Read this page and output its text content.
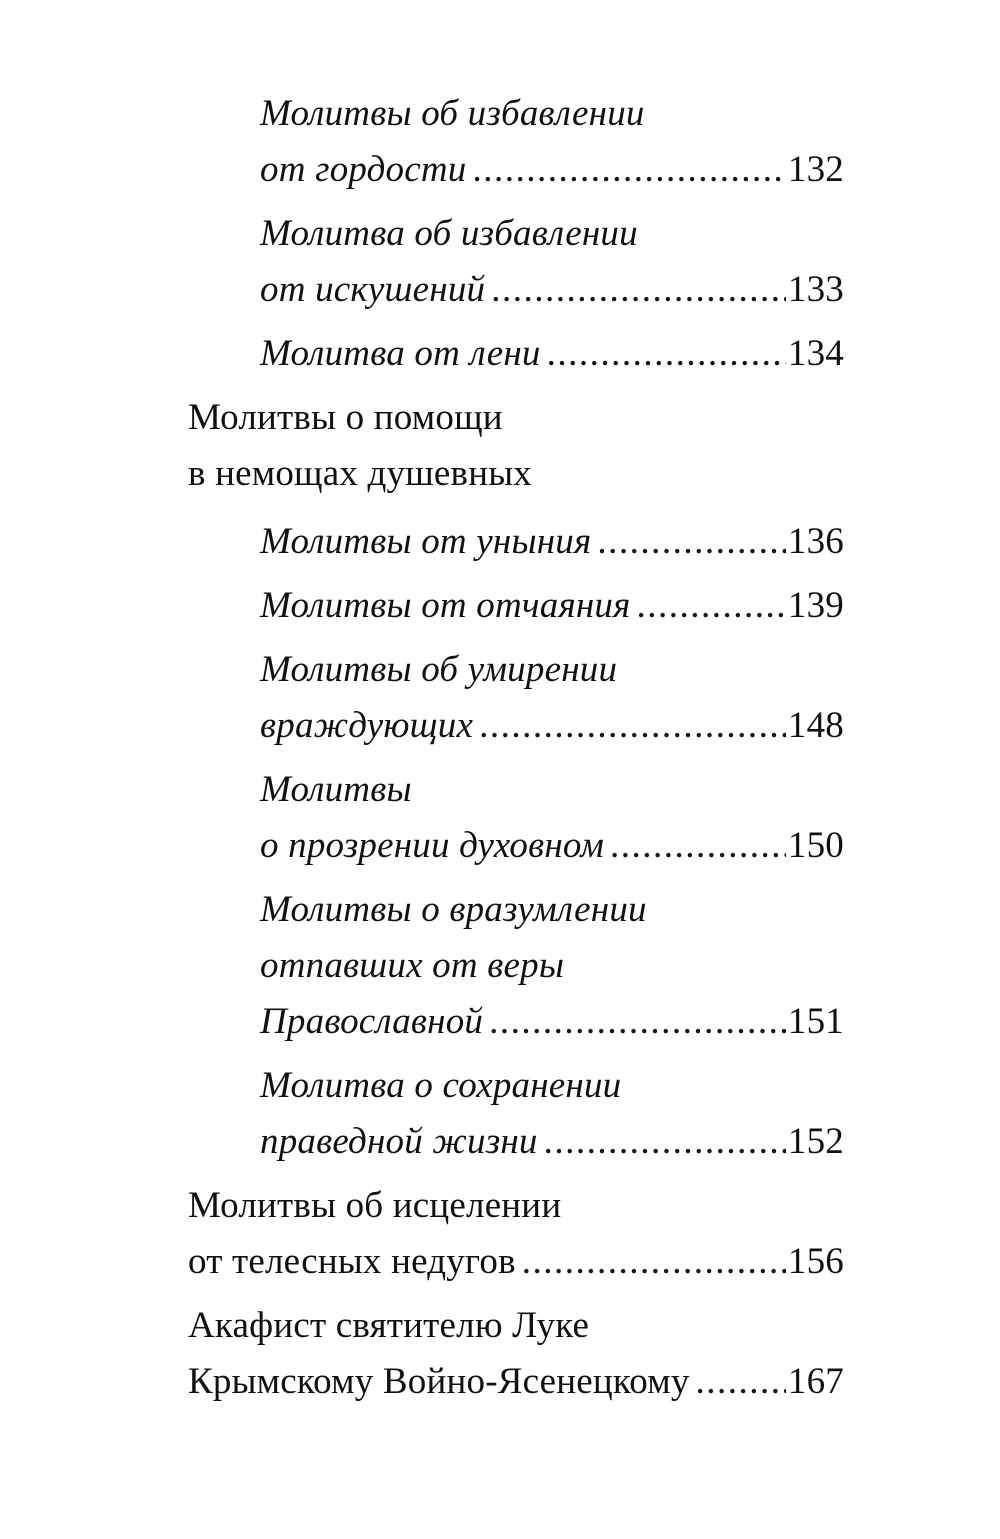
Молитвы об избавлении
от гордости .....	132
Молитва об избавлении
от искушений .....	133
Молитва от лени .....	134
Молитвы о помощи
в немощах душевных
Молитвы от уныния .....	136
Молитвы от отчаяния .....	139
Молитвы об умирении
враждующих .....	148
Молитвы
о прозрении духовном .....	150
Молитвы о вразумлении
отпавших от веры
Православной .....	151
Молитва о сохранении
праведной жизни .....	152
Молитвы об исцелении
от телесных недугов .....	156
Акафист святителю Луке
Крымскому Войно-Ясенецкому .....	167
